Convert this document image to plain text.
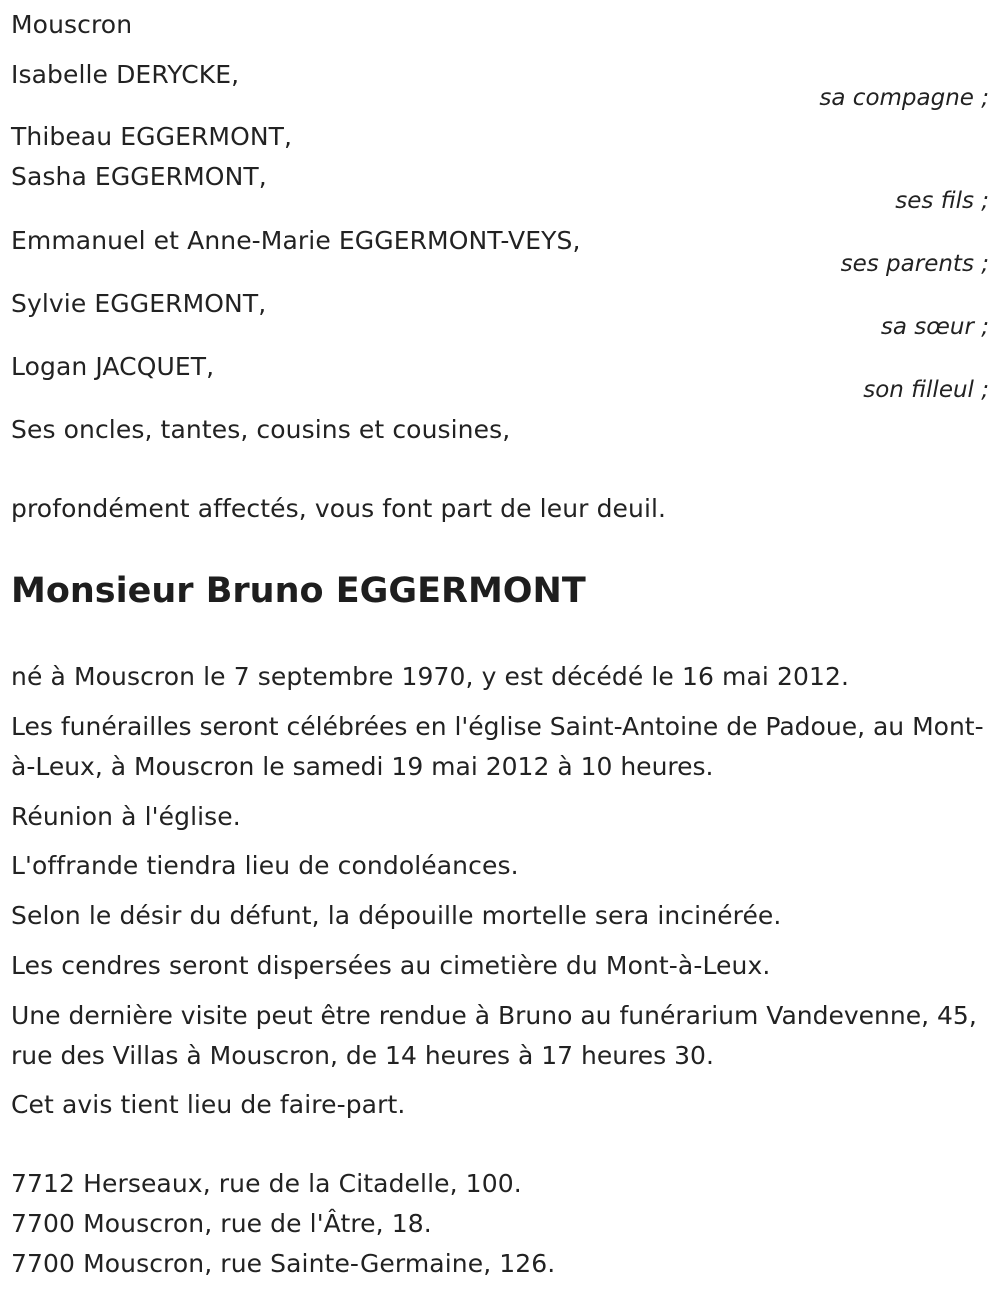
Mouscron
Isabelle DERYCKE,
sa compagne ;
Thibeau EGGERMONT,
Sasha EGGERMONT,
ses fils ;
Emmanuel et Anne-Marie EGGERMONT-VEYS,
ses parents ;
Sylvie EGGERMONT,
sa sœur ;
Logan JACQUET,
son filleul ;
Ses oncles, tantes, cousins et cousines,
profondément affectés, vous font part de leur deuil.
Monsieur Bruno EGGERMONT
né à Mouscron le 7 septembre 1970, y est décédé le 16 mai 2012.
Les funérailles seront célébrées en l'église Saint-Antoine de Padoue, au Mont-à-Leux, à Mouscron le samedi 19 mai 2012 à 10 heures.
Réunion à l'église.
L'offrande tiendra lieu de condoléances.
Selon le désir du défunt, la dépouille mortelle sera incinérée.
Les cendres seront dispersées au cimetière du Mont-à-Leux.
Une dernière visite peut être rendue à Bruno au funérarium Vandevenne, 45, rue des Villas à Mouscron, de 14 heures à 17 heures 30.
Cet avis tient lieu de faire-part.
7712 Herseaux, rue de la Citadelle, 100.
7700 Mouscron, rue de l'Âtre, 18.
7700 Mouscron, rue Sainte-Germaine, 126.
